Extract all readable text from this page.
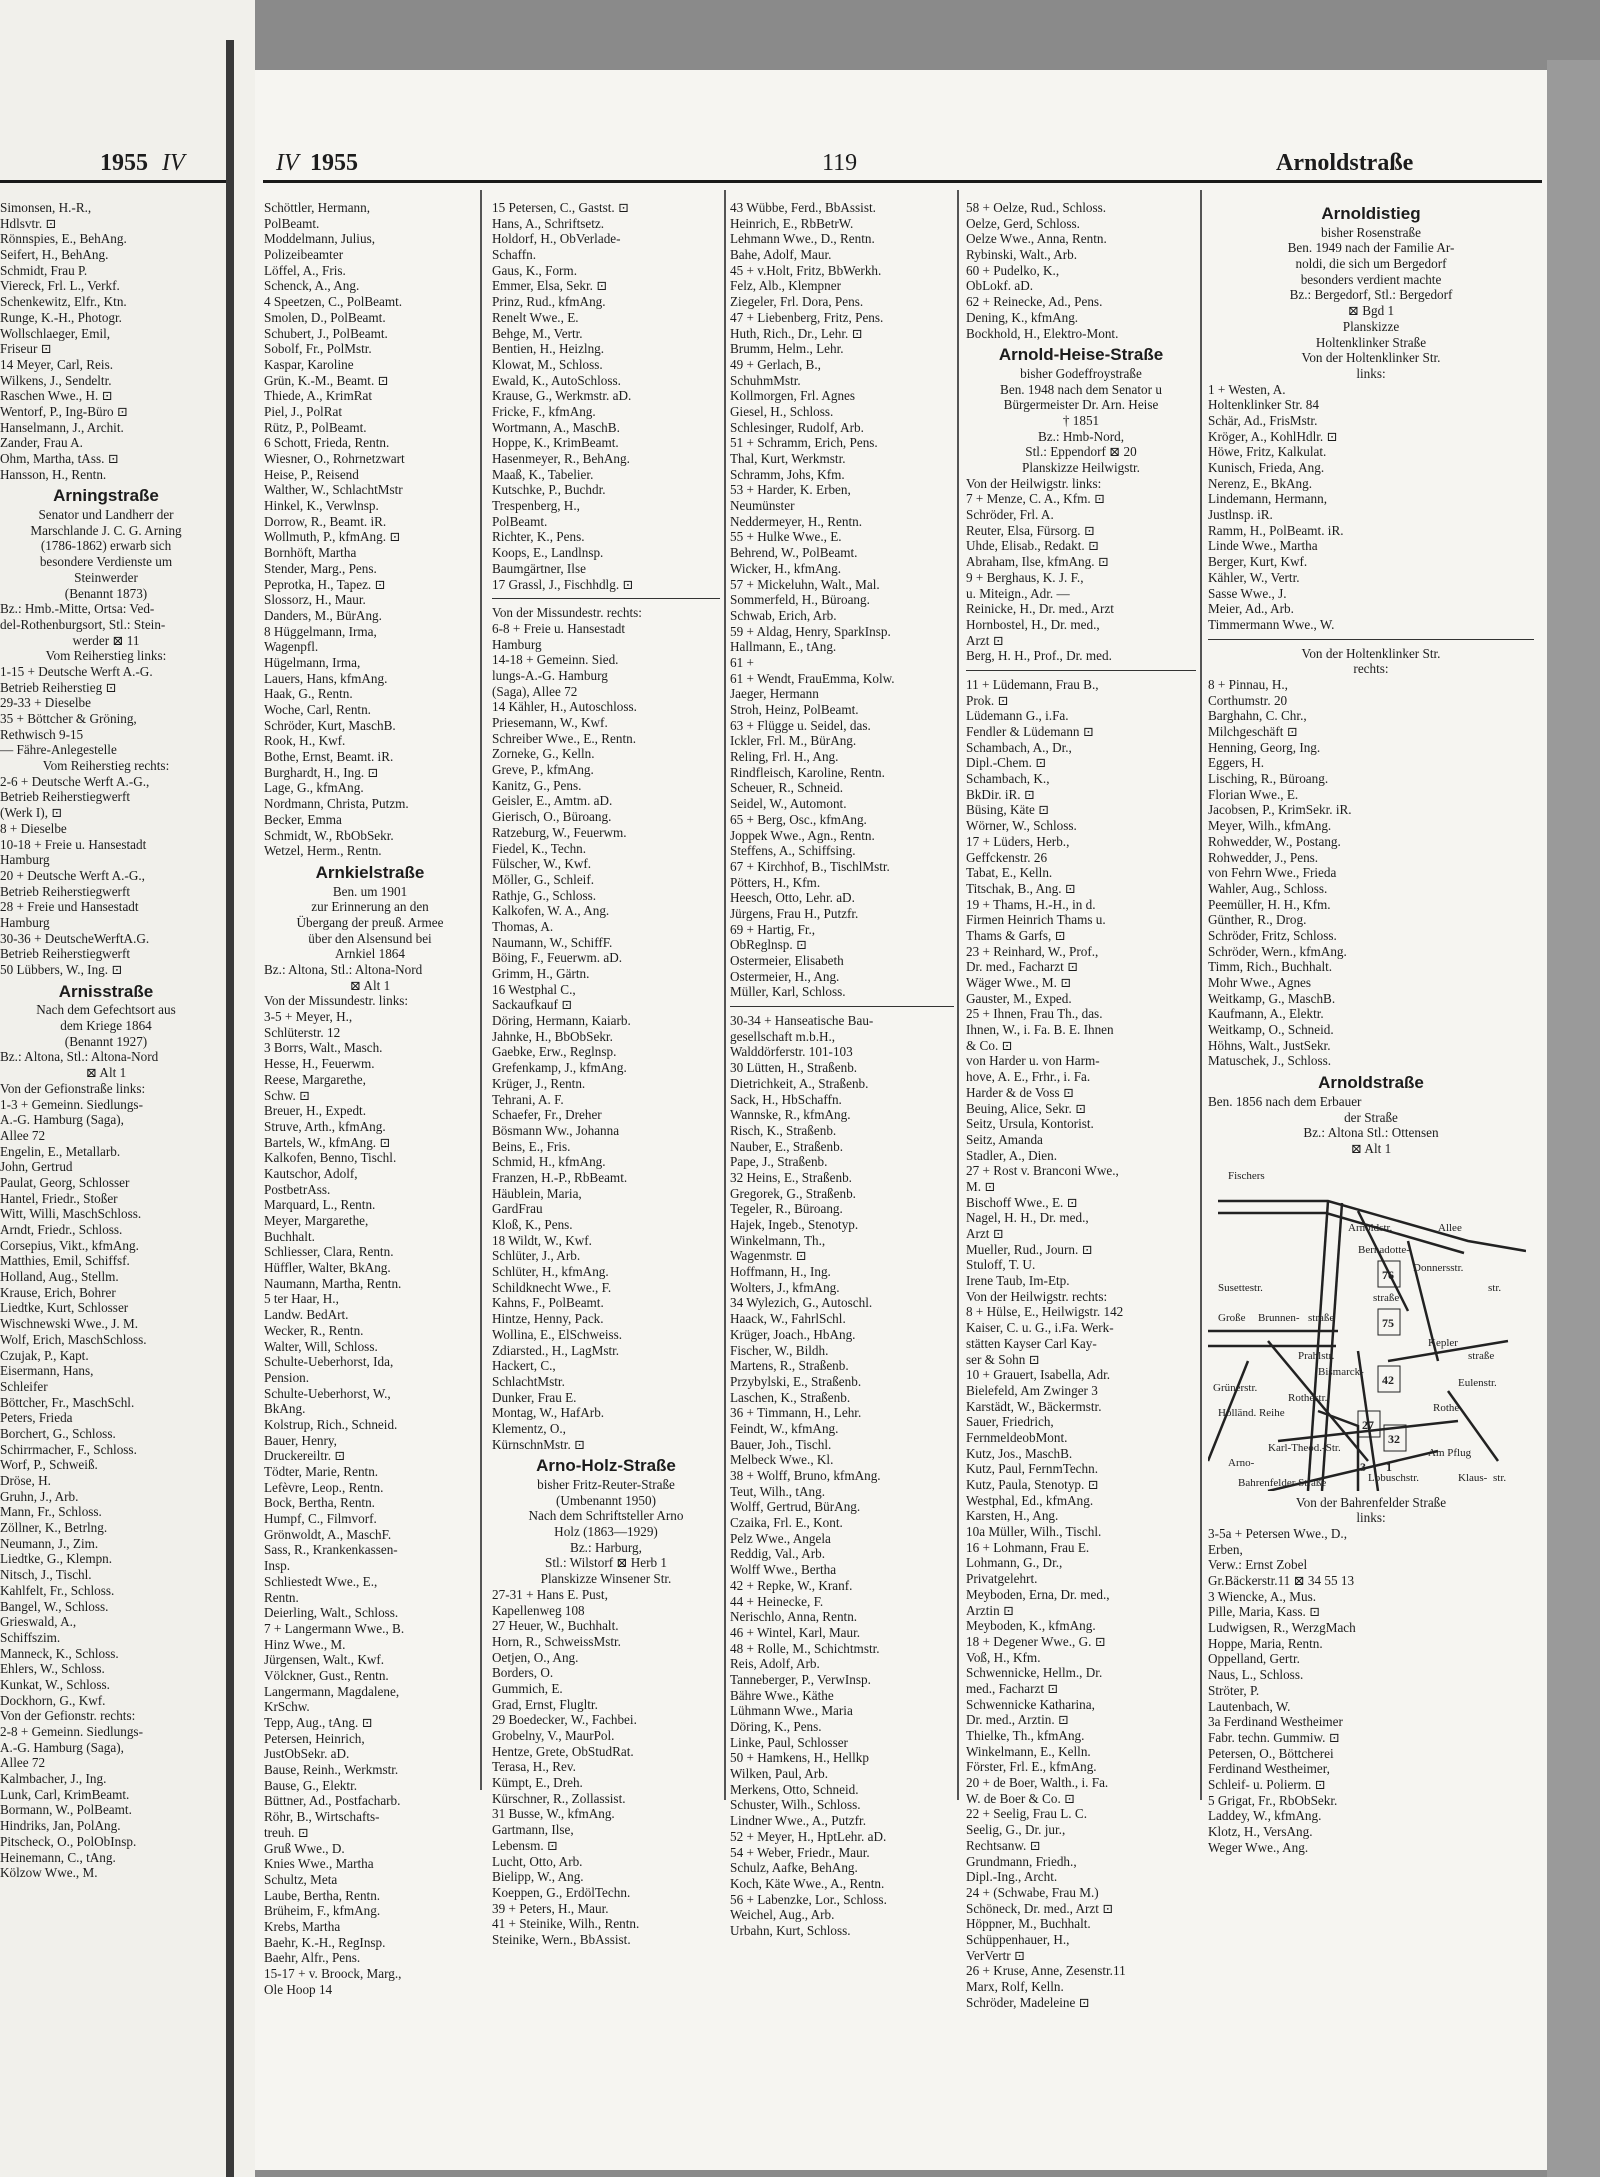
1955 IV	IV 1955	119	Arnoldstraße
Simonsen, H.-R.,
Hdlsvtr. ⊡
Rönnspies, E., BehAng.
Seifert, H., BehAng.
Schmidt, Frau P.
Viereck, Frl. L., Verkf.
Schenkewitz, Elfr., Ktn.
Runge, K.-H., Photogr.
Wollschlaeger, Emil,
Friseur ⊡
14 Meyer, Carl, Reis.
Wilkens, J., Sendeltr.
Raschen Wwe., H. ⊡
Wentorf, P., Ing-Büro ⊡
Hanselmann, J., Archit.
Zander, Frau A.
Ohm, Martha, tAss. ⊡
Hansson, H., Rentn.
Arningstraße
Senator und Landherr der
Marschlande J. C. G. Arning
(1786-1862) erwarb sich
besondere Verdienste um
Steinwerder
(Benannt 1873)
Bz.: Hmb.-Mitte, Ortsa: Ved-
del-Rothenburgsort, Stl.: Stein-
werder ⊠ 11
Vom Reiherstieg links:
1-15 + Deutsche Werft A.-G.
Betrieb Reiherstieg ⊡
29-33 + Dieselbe
35 + Böttcher & Gröning,
Rethwisch 9-15
— Fähre-Anlegestelle
Vom Reiherstieg rechts:
2-6 + Deutsche Werft A.-G.,
Betrieb Reiherstiegwerft
(Werk I), ⊡
8 + Dieselbe
10-18 + Freie u. Hansestadt
Hamburg
20 + Deutsche Werft A.-G.,
Betrieb Reiherstiegwerft
28 + Freie und Hansestadt
Hamburg
30-36 + DeutscheWerftA.G.
Betrieb Reiherstiegwerft
50 Lübbers, W., Ing. ⊡
Arnisstraße
Nach dem Gefechtsort aus
dem Kriege 1864
(Benannt 1927)
Bz.: Altona, Stl.: Altona-Nord
⊠ Alt 1
Von der Gefionstraße links:
1-3 + Gemeinn. Siedlungs-
A.-G. Hamburg (Saga),
Allee 72
Engelin, E., Metallarb.
John, Gertrud
Paulat, Georg, Schlosser
Hantel, Friedr., Stoßer
Witt, Willi, MaschSchloss.
Arndt, Friedr., Schloss.
Corsepius, Vikt., kfmAng.
Matthies, Emil, Schiffsf.
Holland, Aug., Stellm.
Krause, Erich, Bohrer
Liedtke, Kurt, Schlosser
Wischnewski Wwe., J. M.
Wolf, Erich, MaschSchloss.
Czujak, P., Kapt.
Eisermann, Hans,
Schleifer
Böttcher, Fr., MaschSchl.
Peters, Frieda
Borchert, G., Schloss.
Schirrmacher, F., Schloss.
Worf, P., Schweiß.
Dröse, H.
Gruhn, J., Arb.
Mann, Fr., Schloss.
Zöllner, K., Betrlng.
Neumann, J., Zim.
Liedtke, G., Klempn.
Nitsch, J., Tischl.
Kahlfelt, Fr., Schloss.
Bangel, W., Schloss.
Grieswald, A.,
Schiffszim.
Manneck, K., Schloss.
Ehlers, W., Schloss.
Kunkat, W., Schloss.
Dockhorn, G., Kwf.
Von der Gefionstr. rechts:
2-8 + Gemeinn. Siedlungs-
A.-G. Hamburg (Saga),
Allee 72
Kalmbacher, J., Ing.
Lunk, Carl, KrimBeamt.
Bormann, W., PolBeamt.
Hindriks, Jan, PolAng.
Pitscheck, O., PolObInsp.
Heinemann, C., tAng.
Kölzow Wwe., M.
Schöttler, Hermann,
PolBeamt.
Moddelmann, Julius,
Polizeibeamter
Löffel, A., Fris.
Schenck, A., Ang.
4 Speetzen, C., PolBeamt.
Smolen, D., PolBeamt.
Schubert, J., PolBeamt.
Sobolf, Fr., PolMstr.
Kaspar, Karoline
Grün, K.-M., Beamt. ⊡
Thiede, A., KrimRat
Piel, J., PolRat
Rütz, P., PolBeamt.
6 Schott, Frieda, Rentn.
Wiesner, O., Rohrnetzwart
Heise, P., Reisend
Walther, W., SchlachtMstr
Hinkel, K., Verwlnsp.
Dorrow, R., Beamt. iR.
Wollmuth, P., kfmAng. ⊡
Bornhöft, Martha
Stender, Marg., Pens.
Peprotka, H., Tapez. ⊡
Slossorz, H., Maur.
Danders, M., BürAng.
8 Hüggelmann, Irma,
Wagenpfl.
Hügelmann, Irma,
Lauers, Hans, kfmAng.
Haak, G., Rentn.
Woche, Carl, Rentn.
Schröder, Kurt, MaschB.
Rook, H., Kwf.
Bothe, Ernst, Beamt. iR.
Burghardt, H., Ing. ⊡
Lage, G., kfmAng.
Nordmann, Christa, Putzm.
Becker, Emma
Schmidt, W., RbObSekr.
Wetzel, Herm., Rentn.
Arnkielstraße
Ben. um 1901
zur Erinnerung an den
Übergang der preuß. Armee
über den Alsensund bei
Arnkiel 1864
Bz.: Altona, Stl.: Altona-Nord
⊠ Alt 1
Von der Missundestr. links:
3-5 + Meyer, H.,
Schlüterstr. 12
3 Borrs, Walt., Masch.
Hesse, H., Feuerwm.
Reese, Margarethe,
Schw. ⊡
Breuer, H., Expedt.
Struve, Arth., kfmAng.
Bartels, W., kfmAng. ⊡
Kalkofen, Benno, Tischl.
Kautschor, Adolf,
PostbetrAss.
Marquard, L., Rentn.
Meyer, Margarethe,
Buchhalt.
Schliesser, Clara, Rentn.
Hüffler, Walter, BkAng.
Naumann, Martha, Rentn.
5 ter Haar, H.,
Landw. BedArt.
Wecker, R., Rentn.
Walter, Will, Schloss.
Schulte-Ueberhorst, Ida,
Pension.
Schulte-Ueberhorst, W.,
BkAng.
Kolstrup, Rich., Schneid.
Bauer, Henry,
Druckereiltr. ⊡
Tödter, Marie, Rentn.
Lefèvre, Leop., Rentn.
Bock, Bertha, Rentn.
Humpf, C., Filmvorf.
Grönwoldt, A., MaschF.
Sass, R., Krankenkassen-
Insp.
Schliestedt Wwe., E.,
Rentn.
Deierling, Walt., Schloss.
7 + Langermann Wwe., B.
Hinz Wwe., M.
Jürgensen, Walt., Kwf.
Völckner, Gust., Rentn.
Langermann, Magdalene,
KrSchw.
Tepp, Aug., tAng. ⊡
Petersen, Heinrich,
JustObSekr. aD.
Bause, Reinh., Werkmstr.
Bause, G., Elektr.
Büttner, Ad., Postfacharb.
Röhr, B., Wirtschafts-
treuh. ⊡
Gruß Wwe., D.
Knies Wwe., Martha
Schultz, Meta
Laube, Bertha, Rentn.
Brüheim, F., kfmAng.
Krebs, Martha
Baehr, K.-H., RegInsp.
Baehr, Alfr., Pens.
15-17 + v. Broock, Marg.,
Ole Hoop 14
15 Petersen, C., Gastst. ⊡
Hans, A., Schriftsetz.
Holdorf, H., ObVerlade-
Schaffn.
Gaus, K., Form.
Emmer, Elsa, Sekr. ⊡
Prinz, Rud., kfmAng.
Renelt Wwe., E.
Behge, M., Vertr.
Bentien, H., Heizlng.
Klowat, M., Schloss.
Ewald, K., AutoSchloss.
Krause, G., Werkmstr. aD.
Fricke, F., kfmAng.
Wortmann, A., MaschB.
Hoppe, K., KrimBeamt.
Hasenmeyer, R., BehAng.
Maaß, K., Tabelier.
Kutschke, P., Buchdr.
Trespenberg, H.,
PolBeamt.
Richter, K., Pens.
Koops, E., Landlnsp.
Baumgärtner, Ilse
17 Grassl, J., Fischhdlg. ⊡
Von der Missundestr. rechts:
6-8 + Freie u. Hansestadt
Hamburg
14-18 + Gemeinn. Sied.
lungs-A.-G. Hamburg
(Saga), Allee 72
14 Kähler, H., Autoschloss.
Priesemann, W., Kwf.
Schreiber Wwe., E., Rentn.
Zorneke, G., Kelln.
Greve, P., kfmAng.
Kanitz, G., Pens.
Geisler, E., Amtm. aD.
Gierisch, O., Büroang.
Ratzeburg, W., Feuerwm.
Fiedel, K., Techn.
Fülscher, W., Kwf.
Möller, G., Schleif.
Rathje, G., Schloss.
Kalkofen, W. A., Ang.
Thomas, A.
Naumann, W., SchiffF.
Böing, F., Feuerwm. aD.
Grimm, H., Gärtn.
16 Westphal C.,
Sackaufkauf ⊡
Döring, Hermann, Kaiarb.
Jahnke, H., BbObSekr.
Gaebke, Erw., Reglnsp.
Grefenkamp, J., kfmAng.
Krüger, J., Rentn.
Tehrani, A. F.
Schaefer, Fr., Dreher
Bösmann Ww., Johanna
Beins, E., Fris.
Schmid, H., kfmAng.
Franzen, H.-P., RbBeamt.
Häublein, Maria,
GardFrau
Kloß, K., Pens.
18 Wildt, W., Kwf.
Schlüter, J., Arb.
Schlüter, H., kfmAng.
Schildknecht Wwe., F.
Kahns, F., PolBeamt.
Hintze, Henny, Pack.
Wollina, E., ElSchweiss.
Zdiarsted., H., LagMstr.
Hackert, C.,
SchlachtMstr.
Dunker, Frau E.
Montag, W., HafArb.
Klementz, O.,
KürnschnMstr. ⊡
Arno-Holz-Straße
bisher Fritz-Reuter-Straße
(Umbenannt 1950)
Nach dem Schriftsteller Arno
Holz (1863—1929)
Bz.: Harburg,
Stl.: Wilstorf ⊠ Herb 1
Planskizze Winsener Str.
27-31 + Hans E. Pust,
Kapellenweg 108
27 Heuer, W., Buchhalt.
Horn, R., SchweissMstr.
Oetjen, O., Ang.
Borders, O.
Gummich, E.
Grad, Ernst, Flugltr.
29 Boedecker, W., Fachbei.
Grobelny, V., MaurPol.
Hentze, Grete, ObStudRat.
Terasa, H., Rev.
Kümpt, E., Dreh.
Kürschner, R., Zollassist.
31 Busse, W., kfmAng.
Gartmann, Ilse,
Lebensm. ⊡
Lucht, Otto, Arb.
Bielipp, W., Ang.
Koeppen, G., ErdölTechn.
39 + Peters, H., Maur.
41 + Steinike, Wilh., Rentn.
Steinike, Wern., BbAssist.
43 Wübbe, Ferd., BbAssist.
Heinrich, E., RbBetrW.
Lehmann Wwe., D., Rentn.
Bahe, Adolf, Maur.
45 + v.Holt, Fritz, BbWerkh.
Felz, Alb., Klempner
Ziegeler, Frl. Dora, Pens.
47 + Liebenberg, Fritz, Pens.
Huth, Rich., Dr., Lehr. ⊡
Brumm, Helm., Lehr.
49 + Gerlach, B.,
SchuhmMstr.
Kollmorgen, Frl. Agnes
Giesel, H., Schloss.
Schlesinger, Rudolf, Arb.
51 + Schramm, Erich, Pens.
Thal, Kurt, Werkmstr.
Schramm, Johs, Kfm.
53 + Harder, K. Erben,
Neumünster
Neddermeyer, H., Rentn.
55 + Hulke Wwe., E.
Behrend, W., PolBeamt.
Wicker, H., kfmAng.
57 + Mickeluhn, Walt., Mal.
Sommerfeld, H., Büroang.
Schwab, Erich, Arb.
59 + Aldag, Henry, SparkInsp.
Hallmann, E., tAng.
61 +
61 + Wendt, FrauEmma, Kolw.
Jaeger, Hermann
Stroh, Heinz, PolBeamt.
63 + Flügge u. Seidel, das.
Ickler, Frl. M., BürAng.
Reling, Frl. H., Ang.
Rindfleisch, Karoline, Rentn.
Scheuer, R., Schneid.
Seidel, W., Automont.
65 + Berg, Osc., kfmAng.
Joppek Wwe., Agn., Rentn.
Steffens, A., Schiffsing.
67 + Kirchhof, B., TischlMstr.
Pötters, H., Kfm.
Heesch, Otto, Lehr. aD.
Jürgens, Frau H., Putzfr.
69 + Hartig, Fr.,
ObReglnsp. ⊡
Ostermeier, Elisabeth
Ostermeier, H., Ang.
Müller, Karl, Schloss.
30-34 + Hanseatische Bau-
gesellschaft m.b.H.,
Walddörferstr. 101-103
30 Lütten, H., Straßenb.
Dietrichkeit, A., Straßenb.
Sack, H., HbSchaffn.
Wannske, R., kfmAng.
Risch, K., Straßenb.
Nauber, E., Straßenb.
Pape, J., Straßenb.
32 Heins, E., Straßenb.
Gregorek, G., Straßenb.
Tegeler, R., Büroang.
Hajek, Ingeb., Stenotyp.
Winkelmann, Th.,
Wagenmstr. ⊡
Hoffmann, H., Ing.
Wolters, J., kfmAng.
34 Wylezich, G., Autoschl.
Haack, W., FahrlSchl.
Krüger, Joach., HbAng.
Fischer, W., Bildh.
Martens, R., Straßenb.
Przybylski, E., Straßenb.
Laschen, K., Straßenb.
36 + Timmann, H., Lehr.
Feindt, W., kfmAng.
Bauer, Joh., Tischl.
Melbeck Wwe., Kl.
38 + Wolff, Bruno, kfmAng.
Teut, Wilh., tAng.
Wolff, Gertrud, BürAng.
Czaika, Frl. E., Kont.
Pelz Wwe., Angela
Reddig, Val., Arb.
Wolff Wwe., Bertha
42 + Repke, W., Kranf.
44 + Heinecke, F.
Nerischlo, Anna, Rentn.
46 + Wintel, Karl, Maur.
48 + Rolle, M., Schichtmstr.
Reis, Adolf, Arb.
Tanneberger, P., VerwInsp.
Bähre Wwe., Käthe
Lühmann Wwe., Maria
Döring, K., Pens.
Linke, Paul, Schlosser
50 + Hamkens, H., Hellkp
Wilken, Paul, Arb.
Merkens, Otto, Schneid.
Schuster, Wilh., Schloss.
Lindner Wwe., A., Putzfr.
52 + Meyer, H., HptLehr. aD.
54 + Weber, Friedr., Maur.
Schulz, Aafke, BehAng.
Koch, Käte Wwe., A., Rentn.
56 + Labenzke, Lor., Schloss.
Weichel, Aug., Arb.
Urbahn, Kurt, Schloss.
58 + Oelze, Rud., Schloss.
Oelze, Gerd, Schloss.
Oelze Wwe., Anna, Rentn.
Rybinski, Walt., Arb.
60 + Pudelko, K.,
ObLokf. aD.
62 + Reinecke, Ad., Pens.
Dening, K., kfmAng.
Bockhold, H., Elektro-Mont.
Arnold-Heise-Straße
bisher Godeffroystraße
Ben. 1948 nach dem Senator u
Bürgermeister Dr. Arn. Heise
† 1851
Bz.: Hmb-Nord,
Stl.: Eppendorf ⊠ 20
Planskizze Heilwigstr.
Von der Heilwigstr. links:
7 + Menze, C. A., Kfm. ⊡
Schröder, Frl. A.
Reuter, Elsa, Fürsorg. ⊡
Uhde, Elisab., Redakt. ⊡
Abraham, Ilse, kfmAng. ⊡
9 + Berghaus, K. J. F.,
u. Miteign., Adr. —
Reinicke, H., Dr. med., Arzt
Hornbostel, H., Dr. med.,
Arzt ⊡
Berg, H. H., Prof., Dr. med.
11 + Lüdemann, Frau B.,
Prok. ⊡
Lüdemann G., i.Fa.
Fendler & Lüdemann ⊡
Schambach, A., Dr.,
Dipl.-Chem. ⊡
Schambach, K.,
BkDir. iR. ⊡
Büsing, Käte ⊡
Wörner, W., Schloss.
17 + Lüders, Herb.,
Geffckenstr. 26
Tabat, E., Kelln.
Titschak, B., Ang. ⊡
19 + Thams, H.-H., in d.
Firmen Heinrich Thams u.
Thams & Garfs, ⊡
23 + Reinhard, W., Prof.,
Dr. med., Facharzt ⊡
Wäger Wwe., M. ⊡
Gauster, M., Exped.
25 + Ihnen, Frau Th., das.
Ihnen, W., i. Fa. B. E. Ihnen
& Co. ⊡
von Harder u. von Harm-
hove, A. E., Frhr., i. Fa.
Harder & de Voss ⊡
Beuing, Alice, Sekr. ⊡
Seitz, Ursula, Kontorist.
Seitz, Amanda
Stadler, A., Dien.
27 + Rost v. Branconi Wwe.,
M. ⊡
Bischoff Wwe., E. ⊡
Nagel, H. H., Dr. med.,
Arzt ⊡
Mueller, Rud., Journ. ⊡
Stuloff, T. U.
Irene Taub, Im-Etp.
Von der Heilwigstr. rechts:
8 + Hülse, E., Heilwigstr. 142
Kaiser, C. u. G., i.Fa. Werk-
stätten Kayser Carl Kay-
ser & Sohn ⊡
10 + Grauert, Isabella, Adr.
Bielefeld, Am Zwinger 3
Karstädt, W., Bäckermstr.
Sauer, Friedrich,
FernmeldeobMont.
Kutz, Jos., MaschB.
Kutz, Paul, FernmTechn.
Kutz, Paula, Stenotyp. ⊡
Westphal, Ed., kfmAng.
Karsten, H., Ang.
10a Müller, Wilh., Tischl.
16 + Lohmann, Frau E.
Lohmann, G., Dr.,
Privatgelehrt.
Meyboden, Erna, Dr. med.,
Arztin ⊡
Meyboden, K., kfmAng.
18 + Degener Wwe., G. ⊡
Voß, H., Kfm.
Schwennicke, Hellm., Dr.
med., Facharzt ⊡
Schwennicke Katharina,
Dr. med., Arztin. ⊡
Thielke, Th., kfmAng.
Winkelmann, E., Kelln.
Förster, Frl. E., kfmAng.
20 + de Boer, Walth., i. Fa.
W. de Boer & Co. ⊡
22 + Seelig, Frau L. C.
Seelig, G., Dr. jur.,
Rechtsanw. ⊡
Grundmann, Friedh.,
Dipl.-Ing., Archt.
24 + (Schwabe, Frau M.)
Schöneck, Dr. med., Arzt ⊡
Höppner, M., Buchhalt.
Schüppenhauer, H.,
VerVertr ⊡
26 + Kruse, Anne, Zesenstr.11
Marx, Rolf, Kelln.
Schröder, Madeleine ⊡
Arnoldistieg
bisher Rosenstraße
Ben. 1949 nach der Familie Ar-
noldi, die sich um Bergedorf
besonders verdient machte
Bz.: Bergedorf, Stl.: Bergedorf
⊠ Bgd 1
Planskizze
Holtenklinker Straße
Von der Holtenklinker Str.
links:
1 + Westen, A.
Holtenklinker Str. 84
Schär, Ad., FrisMstr.
Kröger, A., KohlHdlr. ⊡
Höwe, Fritz, Kalkulat.
Kunisch, Frieda, Ang.
Nerenz, E., BkAng.
Lindemann, Hermann,
Justlnsp. iR.
Ramm, H., PolBeamt. iR.
Linde Wwe., Martha
Berger, Kurt, Kwf.
Kähler, W., Vertr.
Sasse Wwe., J.
Meier, Ad., Arb.
Timmermann Wwe., W.
Von der Holtenklinker Str.
rechts:
8 + Pinnau, H.,
Corthumstr. 20
Barghahn, C. Chr.,
Milchgeschäft ⊡
Henning, Georg, Ing.
Eggers, H.
Lisching, R., Büroang.
Florian Wwe., E.
Jacobsen, P., KrimSekr. iR.
Meyer, Wilh., kfmAng.
Rohwedder, W., Postang.
Rohwedder, J., Pens.
von Fehrn Wwe., Frieda
Wahler, Aug., Schloss.
Peemüller, H. H., Kfm.
Günther, R., Drog.
Schröder, Fritz, Schloss.
Schröder, Wern., kfmAng.
Timm, Rich., Buchhalt.
Mohr Wwe., Agnes
Weitkamp, G., MaschB.
Kaufmann, A., Elektr.
Weitkamp, O., Schneid.
Höhns, Walt., JustSekr.
Matuschek, J., Schloss.
Arnoldstraße
Ben. 1856 nach dem Erbauer
der Straße
Bz.: Altona Stl.: Ottensen
⊠ Alt 1
Fischers
Allee
Arnoldstr.
Bernadotte-
straße
Donnersstr.
Susettestr.
Große Brunnen- straße
Prahlstr.
Bismarck-
Kepler
straße
Holländ. Reihe
Rothestr.
Eulenstr.
Rothe
Am Pflug
Karl-Theod.-Str.
Arno-
Lobuschstr.
Bahrenfelder Straße	Klaus- str.
Grünerstr.
str.
76
75
42
27
32
3 1
Von der Bahrenfelder Straße
links:
3-5a + Petersen Wwe., D.,
Erben,
Verw.: Ernst Zobel
Gr.Bäckerstr.11 ⊠ 34 55 13
3 Wiencke, A., Mus.
Pille, Maria, Kass. ⊡
Ludwigsen, R., WerzgMach
Hoppe, Maria, Rentn.
Oppelland, Gertr.
Naus, L., Schloss.
Ströter, P.
Lautenbach, W.
3a Ferdinand Westheimer
Fabr. techn. Gummiw. ⊡
Petersen, O., Böttcherei
Ferdinand Westheimer,
Schleif- u. Polierm. ⊡
5 Grigat, Fr., RbObSekr.
Laddey, W., kfmAng.
Klotz, H., VersAng.
Weger Wwe., Ang.
